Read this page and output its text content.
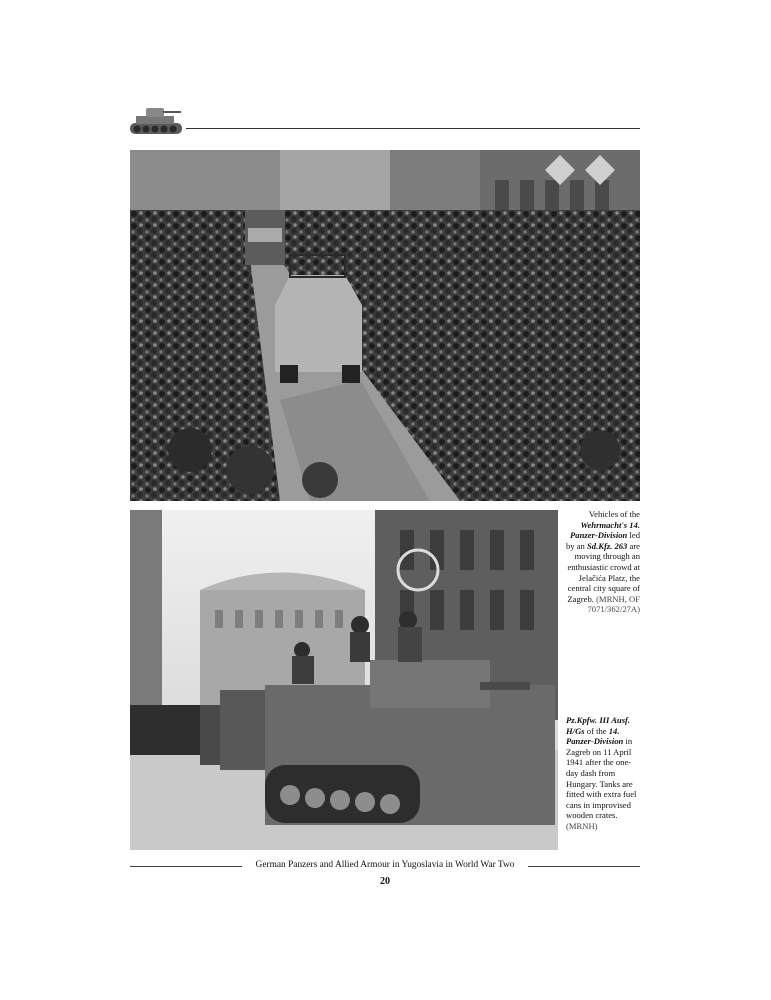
Vehicles of the Wehrmacht's 14. Panzer-Division led by an Sd.Kfz. 263 are moving through an enthusiastic crowd at Jelačića Platz, the central city square of Zagreb. (MRNH, OF 7071/362/27A)
Pz.Kpfw. III Ausf. H/Gs of the 14. Panzer-Division in Zagreb on 11 April 1941 after the one-day dash from Hungary. Tanks are fitted with extra fuel cans in improvised wooden crates. (MRNH)
German Panzers and Allied Armour in Yugoslavia in World War Two
20
